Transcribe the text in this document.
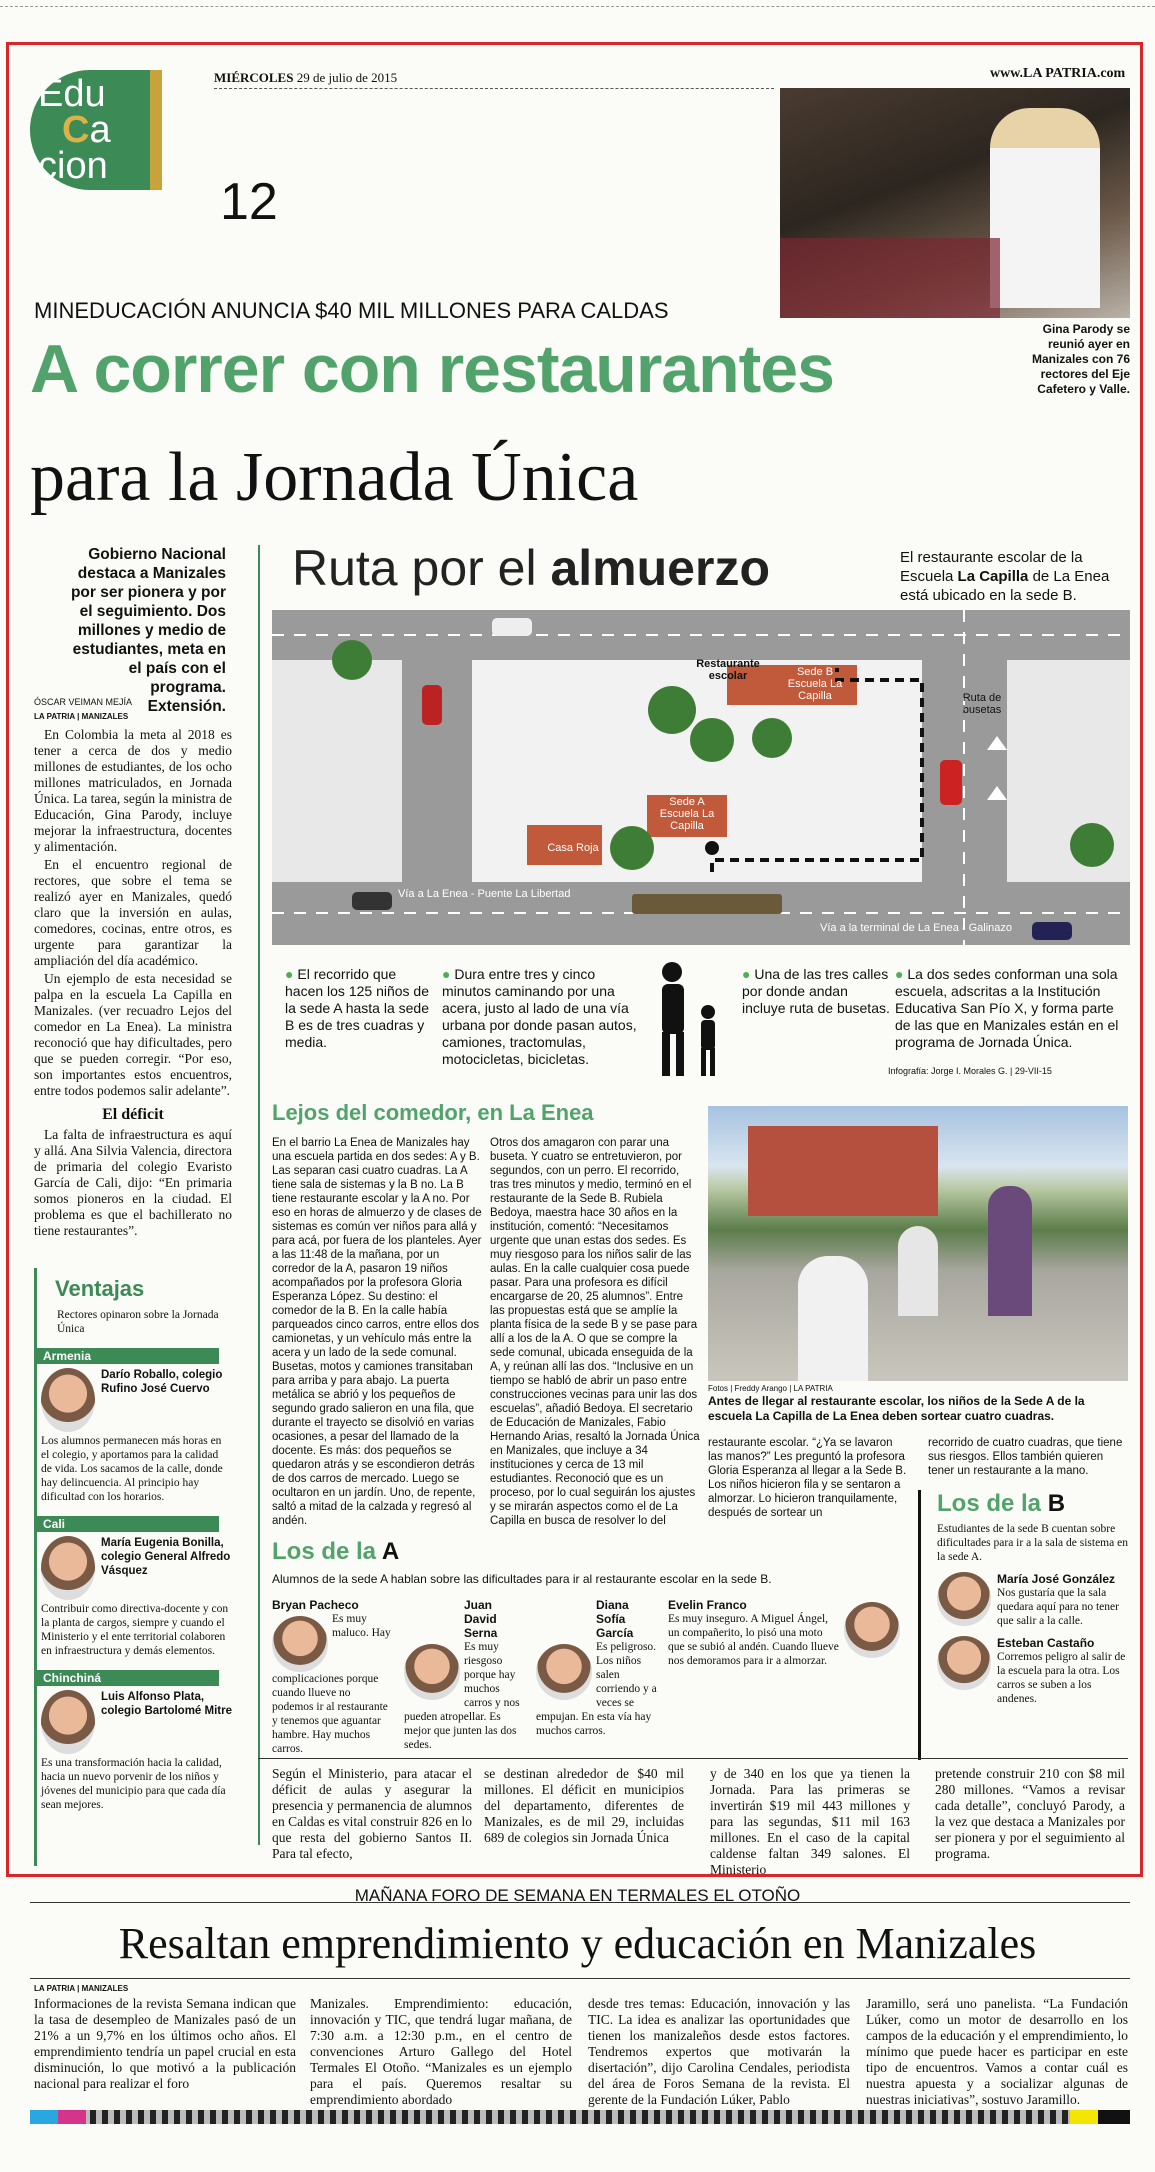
Edu
Ca
cion
12
MIÉRCOLES 29 de julio de 2015	www.LA PATRIA.com
Gina Parody se reunió ayer en Manizales con 76 rectores del Eje Cafetero y Valle.
MINEDUCACIÓN ANUNCIA $40 MIL MILLONES PARA CALDAS
A correr con restaurantes
para la Jornada Única
Gobierno Nacional destaca a Manizales por ser pionera y por el seguimiento. Dos millones y medio de estudiantes, meta en el país con el programa. Extensión.
ÓSCAR VEIMAN MEJÍA
LA PATRIA | MANIZALES

En Colombia la meta al 2018 es tener a cerca de dos y medio millones de estudiantes, de los ocho millones matriculados, en Jornada Única. La tarea, según la ministra de Educación, Gina Parody, incluye mejorar la infraestructura, docentes y alimentación.

En el encuentro regional de rectores, que sobre el tema se realizó ayer en Manizales, quedó claro que la inversión en aulas, comedores, cocinas, entre otros, es urgente para garantizar la ampliación del día académico.

Un ejemplo de esta necesidad se palpa en la escuela La Capilla en Manizales. (ver recuadro Lejos del comedor en La Enea). La ministra reconoció que hay dificultades, pero que se pueden corregir. “Por eso, son importantes estos encuentros, entre todos podemos salir adelante”.

El déficit

La falta de infraestructura es aquí y allá. Ana Silvia Valencia, directora de primaria del colegio Evaristo García de Cali, dijo: “En primaria somos pioneros en la ciudad. El problema es que el bachillerato no tiene restaurantes”.

Ventajas
Rectores opinaron sobre la Jornada Única
Armenia
Darío Roballo, colegio Rufino José Cuervo
Los alumnos permanecen más horas en el colegio, y aportamos para la calidad de vida. Los sacamos de la calle, donde hay delincuencia. Al principio hay dificultad con los horarios.
Cali
María Eugenia Bonilla, colegio General Alfredo Vásquez
Contribuir como directiva-docente y con la planta de cargos, siempre y cuando el Ministerio y el ente territorial colaboren en infraestructura y demás elementos.
Chinchiná
Luis Alfonso Plata, colegio Bartolomé Mitre
Es una transformación hacia la calidad, hacia un nuevo porvenir de los niños y jóvenes del municipio para que cada día sean mejores.
Ruta por el almuerzo	El restaurante escolar de la Escuela La Capilla de La Enea está ubicado en la sede B.
Restaurante escolar	Sede B Escuela La Capilla
Sede A Escuela La Capilla
Casa Roja
Ruta de busetas
Vía a La Enea - Puente La Libertad
Vía a la terminal de La Enea - Galinazo
● El recorrido que hacen los 125 niños de la sede A hasta la sede B es de tres cuadras y media.
● Dura entre tres y cinco minutos caminando por una acera, justo al lado de una vía urbana por donde pasan autos, camiones, tractomulas, motocicletas, bicicletas.
● Una de las tres calles por donde andan incluye ruta de busetas.
● La dos sedes conforman una sola escuela, adscritas a la Institución Educativa San Pío X, y forma parte de las que en Manizales están en el programa de Jornada Única.
Infografía: Jorge I. Morales G. | 29-VII-15
Lejos del comedor, en La Enea
En el barrio La Enea de Manizales hay una escuela partida en dos sedes: A y B. Las separan casi cuatro cuadras. La A tiene sala de sistemas y la B no. La B tiene restaurante escolar y la A no. Por eso en horas de almuerzo y de clases de sistemas es común ver niños para allá y para acá, por fuera de los planteles. Ayer a las 11:48 de la mañana, por un corredor de la A, pasaron 19 niños acompañados por la profesora Gloria Esperanza López. Su destino: el comedor de la B. En la calle había parqueados cinco carros, entre ellos dos camionetas, y un vehículo más entre la acera y un lado de la sede comunal. Busetas, motos y camiones transitaban para arriba y para abajo. La puerta metálica se abrió y los pequeños de segundo grado salieron en una fila, que durante el trayecto se disolvió en varias ocasiones, a pesar del llamado de la docente. Es más: dos pequeños se quedaron atrás y se escondieron detrás de dos carros de mercado. Luego se ocultaron en un jardín. Uno, de repente, saltó a mitad de la calzada y regresó al andén.
Otros dos amagaron con parar una buseta. Y cuatro se entretuvieron, por segundos, con un perro. El recorrido, tras tres minutos y medio, terminó en el restaurante de la Sede B. Rubiela Bedoya, maestra hace 30 años en la institución, comentó: “Necesitamos urgente que unan estas dos sedes. Es muy riesgoso para los niños salir de las aulas. En la calle cualquier cosa puede pasar. Para una profesora es difícil encargarse de 20, 25 alumnos”. Entre las propuestas está que se amplíe la planta física de la sede B y se pase para allí a los de la A. O que se compre la sede comunal, ubicada enseguida de la A, y reúnan allí las dos. “Inclusive en un tiempo se habló de abrir un paso entre construcciones vecinas para unir las dos escuelas”, añadió Bedoya. El secretario de Educación de Manizales, Fabio Hernando Arias, resaltó la Jornada Única en Manizales, que incluye a 34 instituciones y cerca de 13 mil estudiantes. Reconoció que es un proceso, por lo cual seguirán los ajustes y se mirarán aspectos como el de La Capilla en busca de resolver lo del
Fotos | Freddy Arango | LA PATRIA
Antes de llegar al restaurante escolar, los niños de la Sede A de la escuela La Capilla de La Enea deben sortear cuatro cuadras.
restaurante escolar. “¿Ya se lavaron las manos?” Les preguntó la profesora Gloria Esperanza al llegar a la Sede B. Los niños hicieron fila y se sentaron a almorzar. Lo hicieron tranquilamente, después de sortear un
recorrido de cuatro cuadras, que tiene sus riesgos. Ellos también quieren tener un restaurante a la mano.
Los de la A
Alumnos de la sede A hablan sobre las dificultades para ir al restaurante escolar en la sede B.
Bryan Pacheco
Es muy maluco. Hay complicaciones porque cuando llueve no podemos ir al restaurante y tenemos que aguantar hambre. Hay muchos carros.
Juan David Serna
Es muy riesgoso porque hay muchos carros y nos pueden atropellar. Es mejor que junten las dos sedes.
Diana Sofía García
Es peligroso. Los niños salen corriendo y a veces se empujan. En esta vía hay muchos carros.
Evelin Franco
Es muy inseguro. A Miguel Ángel, un compañerito, lo pisó una moto que se subió al andén. Cuando llueve nos demoramos para ir a almorzar.
Los de la B
Estudiantes de la sede B cuentan sobre dificultades para ir a la sala de sistema en la sede A.
María José González
Nos gustaría que la sala quedara aquí para no tener que salir a la calle.
Esteban Castaño
Corremos peligro al salir de la escuela para la otra. Los carros se suben a los andenes.
Según el Ministerio, para atacar el déficit de aulas y asegurar la presencia y permanencia de alumnos en Caldas es vital construir 826 en lo que resta del gobierno Santos II. Para tal efecto,
se destinan alrededor de $40 mil millones. El déficit en municipios del departamento, diferentes de Manizales, es de mil 29, incluidas 689 de colegios sin Jornada Única
y de 340 en los que ya tienen la Jornada. Para las primeras se invertirán $19 mil 443 millones y para las segundas, $11 mil 163 millones. En el caso de la capital caldense faltan 349 salones. El Ministerio
pretende construir 210 con $8 mil 280 millones. “Vamos a revisar cada detalle”, concluyó Parody, a la vez que destaca a Manizales por ser pionera y por el seguimiento al programa.
MAÑANA FORO DE SEMANA EN TERMALES EL OTOÑO
Resaltan emprendimiento y educación en Manizales
LA PATRIA | MANIZALES
Informaciones de la revista Semana indican que la tasa de desempleo de Manizales pasó de un 21% a un 9,7% en los últimos ocho años. El emprendimiento tendría un papel crucial en esta disminución, lo que motivó a la publicación nacional para realizar el foro
Manizales. Emprendimiento: educación, innovación y TIC, que tendrá lugar mañana, de 7:30 a.m. a 12:30 p.m., en el centro de convenciones Arturo Gallego del Hotel Termales El Otoño. “Manizales es un ejemplo para el país. Queremos resaltar su emprendimiento abordado
desde tres temas: Educación, innovación y las TIC. La idea es analizar las oportunidades que tienen los manizaleños desde estos factores. Tendremos expertos que motivarán la disertación”, dijo Carolina Cendales, periodista del área de Foros Semana de la revista. El gerente de la Fundación Lúker, Pablo
Jaramillo, será uno panelista. “La Fundación Lúker, como un motor de desarrollo en los campos de la educación y el emprendimiento, lo mínimo que puede hacer es participar en este tipo de encuentros. Vamos a contar cuál es nuestra apuesta y a socializar algunas de nuestras iniciativas”, sostuvo Jaramillo.
